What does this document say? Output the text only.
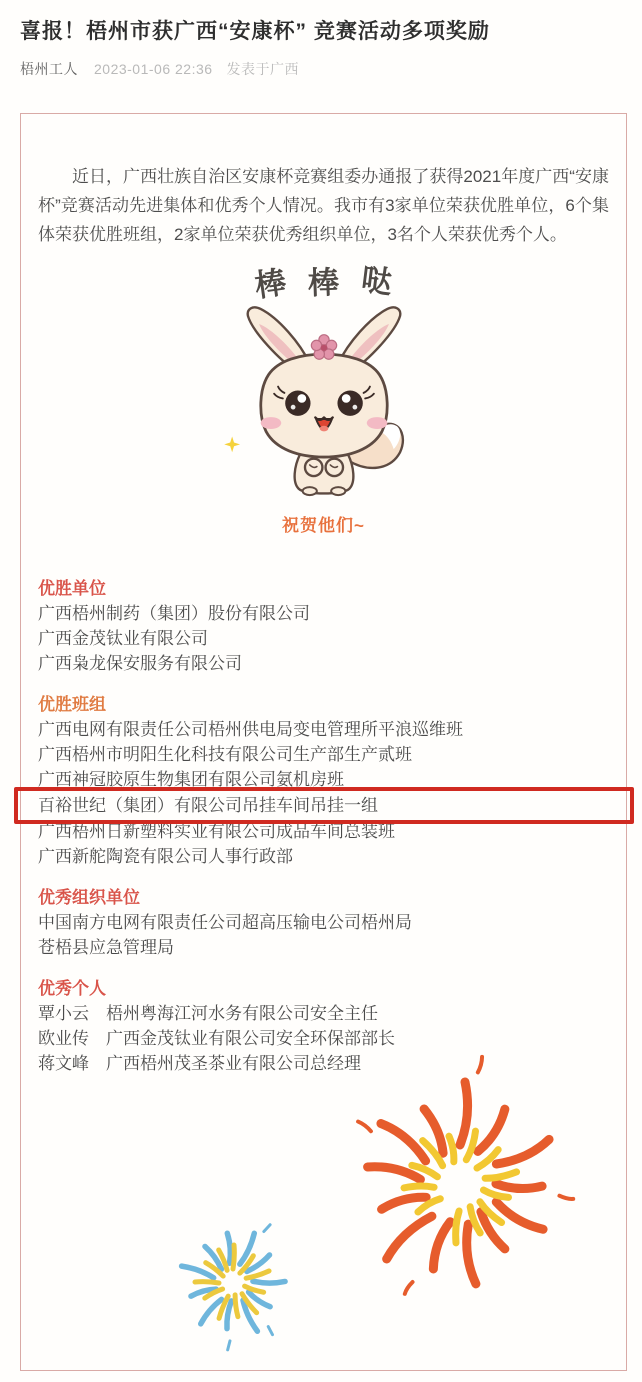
喜报！梧州市获广西“安康杯” 竞赛活动多项奖励
梧州工人 2023-01-06 22:36 发表于广西

近日，广西壮族自治区安康杯竞赛组委办通报了获得2021年度广西“安康杯”竞赛活动先进集体和优秀个人情况。我市有3家单位荣获优胜单位，6个集体荣获优胜班组，2家单位荣获优秀组织单位，3名个人荣获优秀个人。

棒棒哒
祝贺他们~
优胜单位
广西梧州制药（集团）股份有限公司
广西金茂钛业有限公司
广西枭龙保安服务有限公司
优胜班组
广西电网有限责任公司梧州供电局变电管理所平浪巡维班
广西梧州市明阳生化科技有限公司生产部生产贰班
广西神冠胶原生物集团有限公司氨机房班
百裕世纪（集团）有限公司吊挂车间吊挂一组
广西梧州日新塑料实业有限公司成品车间总装班
广西新舵陶瓷有限公司人事行政部
优秀组织单位
中国南方电网有限责任公司超高压输电公司梧州局
苍梧县应急管理局
优秀个人
覃小云　梧州粤海江河水务有限公司安全主任
欧业传　广西金茂钛业有限公司安全环保部部长
蒋文峰　广西梧州茂圣茶业有限公司总经理
